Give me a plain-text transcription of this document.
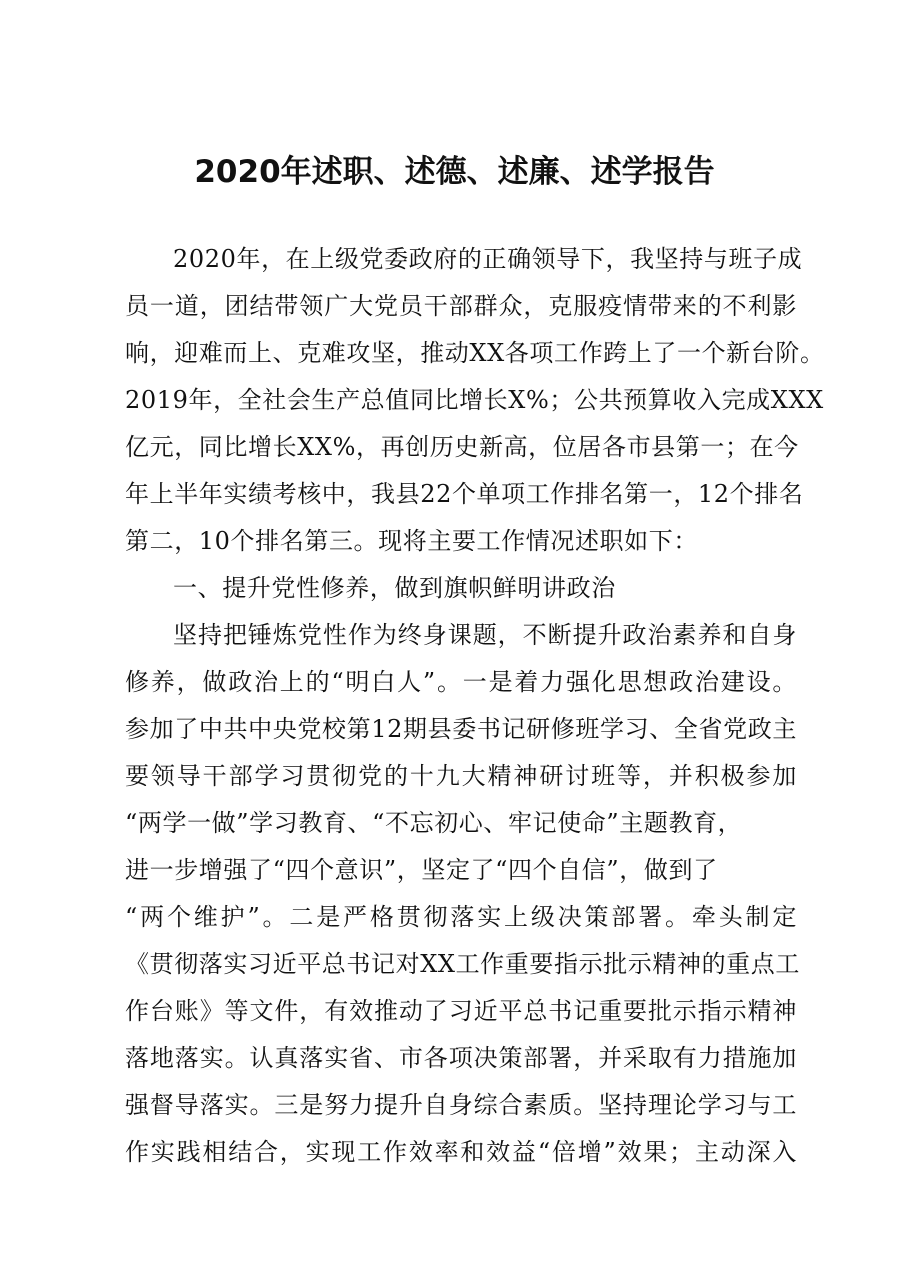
2020年述职、述德、述廉、述学报告
2020年，在上级党委政府的正确领导下，我坚持与班子成
员一道，团结带领广大党员干部群众，克服疫情带来的不利影
响，迎难而上、克难攻坚，推动XX各项工作跨上了一个新台阶。
2019年，全社会生产总值同比增长X%；公共预算收入完成XXX
亿元，同比增长XX%，再创历史新高，位居各市县第一；在今
年上半年实绩考核中，我县22个单项工作排名第一，12个排名
第二，10个排名第三。现将主要工作情况述职如下：
一、提升党性修养，做到旗帜鲜明讲政治
坚持把锤炼党性作为终身课题，不断提升政治素养和自身
修养，做政治上的“明白人”。一是着力强化思想政治建设。
参加了中共中央党校第12期县委书记研修班学习、全省党政主
要领导干部学习贯彻党的十九大精神研讨班等，并积极参加
“两学一做”学习教育、“不忘初心、牢记使命”主题教育，
进一步增强了“四个意识”，坚定了“四个自信”，做到了
“两个维护”。二是严格贯彻落实上级决策部署。牵头制定
《贯彻落实习近平总书记对XX工作重要指示批示精神的重点工
作台账》等文件，有效推动了习近平总书记重要批示指示精神
落地落实。认真落实省、市各项决策部署，并采取有力措施加
强督导落实。三是努力提升自身综合素质。坚持理论学习与工
作实践相结合，实现工作效率和效益“倍增”效果；主动深入
